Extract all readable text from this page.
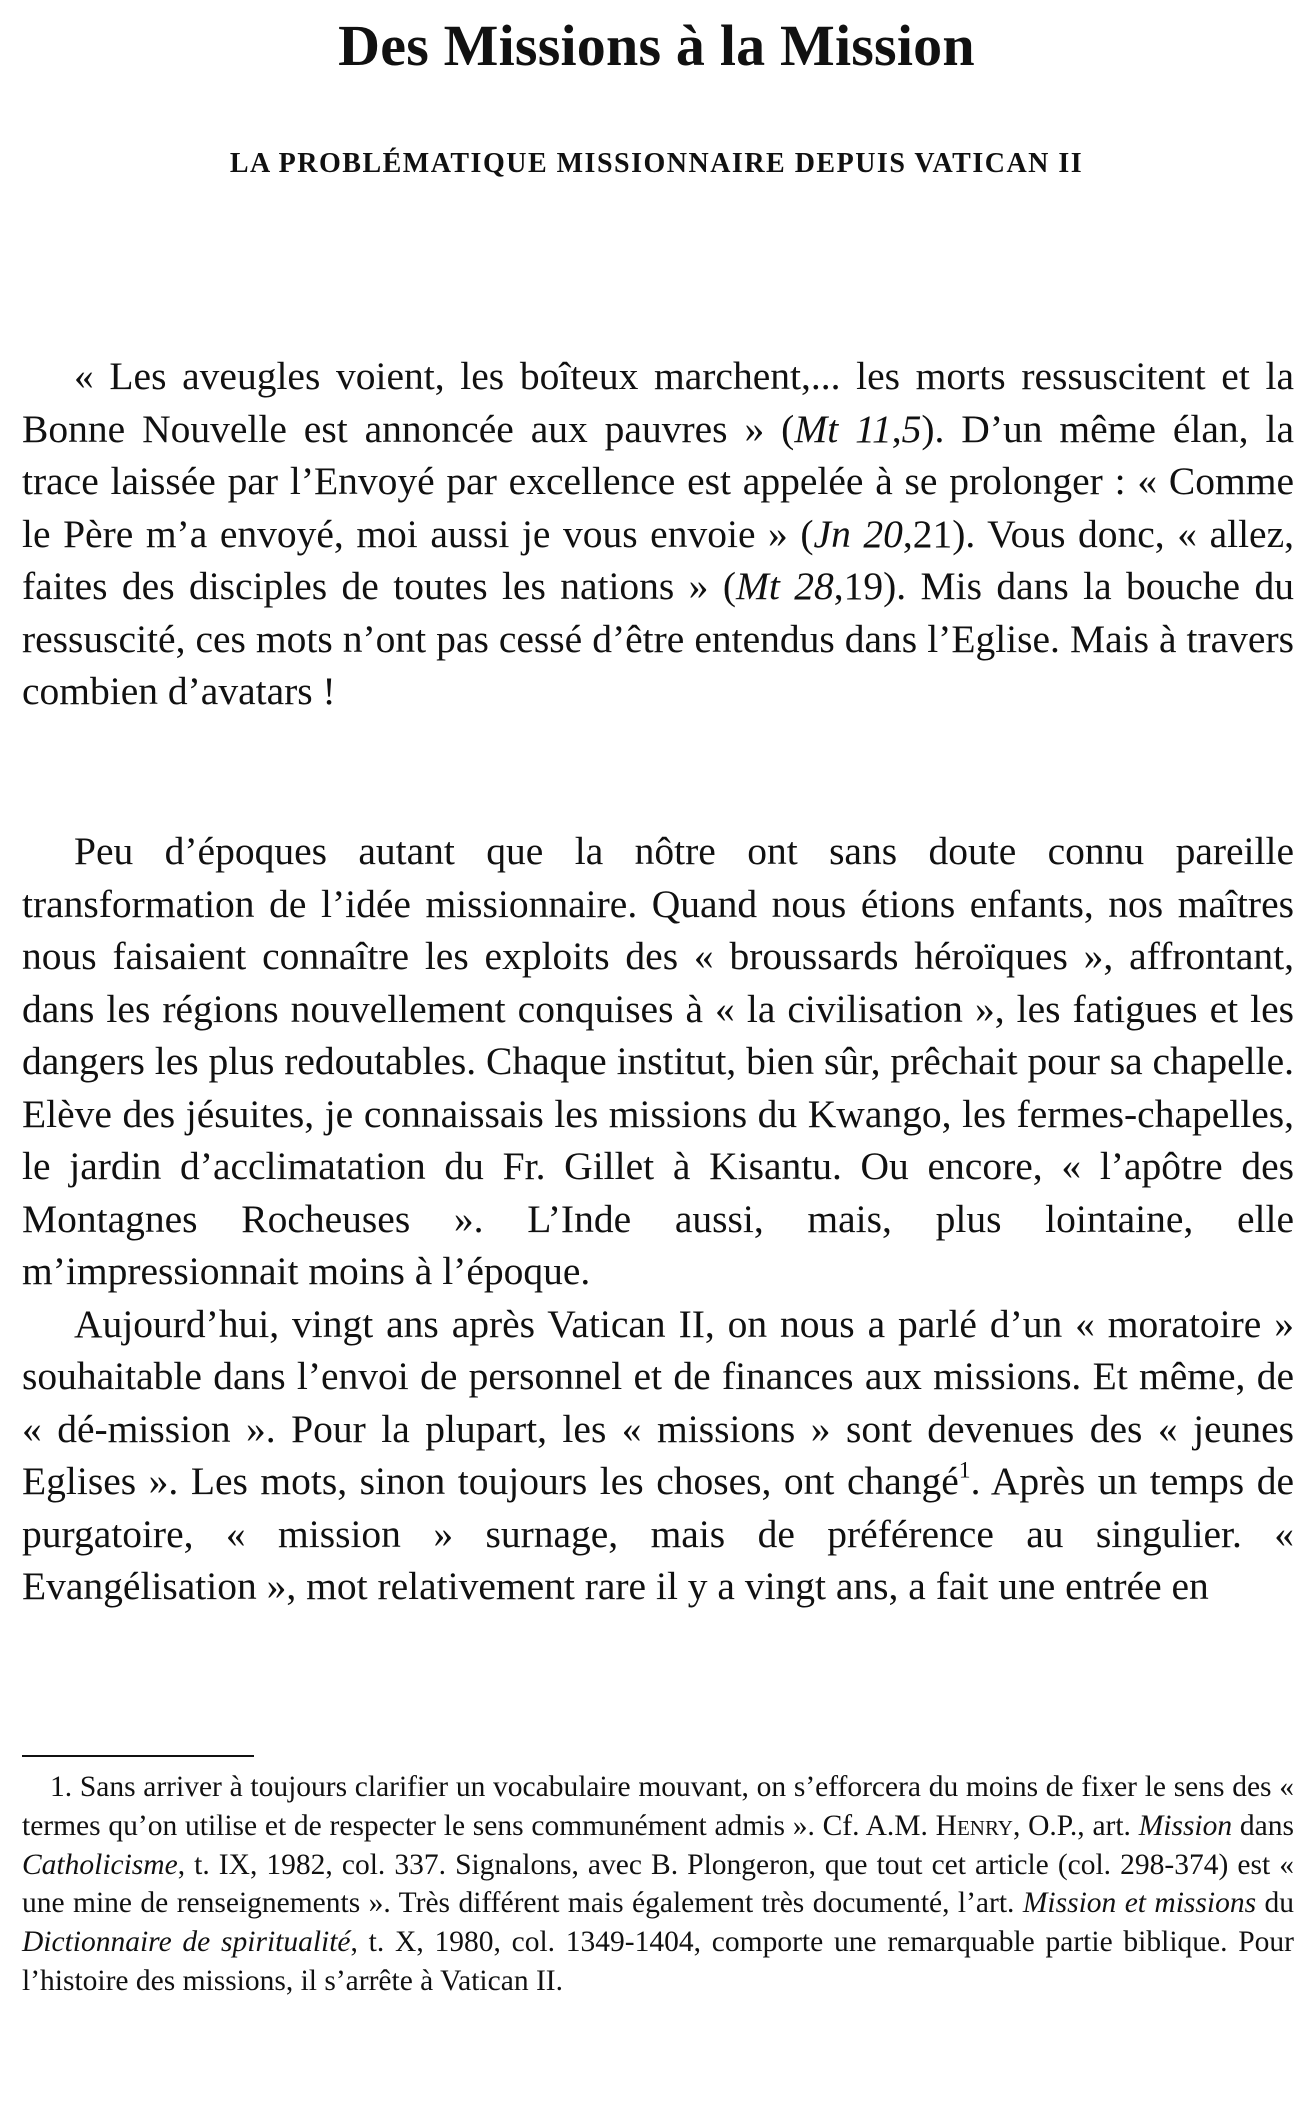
Des Missions à la Mission
LA PROBLÉMATIQUE MISSIONNAIRE DEPUIS VATICAN II

« Les aveugles voient, les boîteux marchent,... les morts ressuscitent et la Bonne Nouvelle est annoncée aux pauvres » (Mt 11,5). D’un même élan, la trace laissée par l’Envoyé par excellence est appelée à se prolonger : « Comme le Père m’a envoyé, moi aussi je vous envoie » (Jn 20,21). Vous donc, « allez, faites des disciples de toutes les nations » (Mt 28,19). Mis dans la bouche du ressuscité, ces mots n’ont pas cessé d’être entendus dans l’Eglise. Mais à travers combien d’avatars !

Peu d’époques autant que la nôtre ont sans doute connu pareille transformation de l’idée missionnaire. Quand nous étions enfants, nos maîtres nous faisaient connaître les exploits des « broussards héroïques », affrontant, dans les régions nouvellement conquises à « la civilisation », les fatigues et les dangers les plus redoutables. Chaque institut, bien sûr, prêchait pour sa chapelle. Elève des jésuites, je connaissais les missions du Kwango, les fermes-chapelles, le jardin d’acclimatation du Fr. Gillet à Kisantu. Ou encore, « l’apôtre des Montagnes Rocheuses ». L’Inde aussi, mais, plus lointaine, elle m’impressionnait moins à l’époque.

Aujourd’hui, vingt ans après Vatican II, on nous a parlé d’un « moratoire » souhaitable dans l’envoi de personnel et de finances aux missions. Et même, de « dé-mission ». Pour la plupart, les « missions » sont devenues des « jeunes Eglises ». Les mots, sinon toujours les choses, ont changé$^1$. Après un temps de purgatoire, « mission » surnage, mais de préférence au singulier. « Evangélisation », mot relativement rare il y a vingt ans, a fait une entrée en

1. Sans arriver à toujours clarifier un vocabulaire mouvant, on s’efforcera du moins de fixer le sens des « termes qu’on utilise et de respecter le sens communément admis ». Cf. A.M. Henry, O.P., art. Mission dans Catholicisme, t. IX, 1982, col. 337. Signalons, avec B. Plongeron, que tout cet article (col. 298-374) est « une mine de renseignements ». Très différent mais également très documenté, l’art. Mission et missions du Dictionnaire de spiritualité, t. X, 1980, col. 1349-1404, comporte une remarquable partie biblique. Pour l’histoire des missions, il s’arrête à Vatican II.
